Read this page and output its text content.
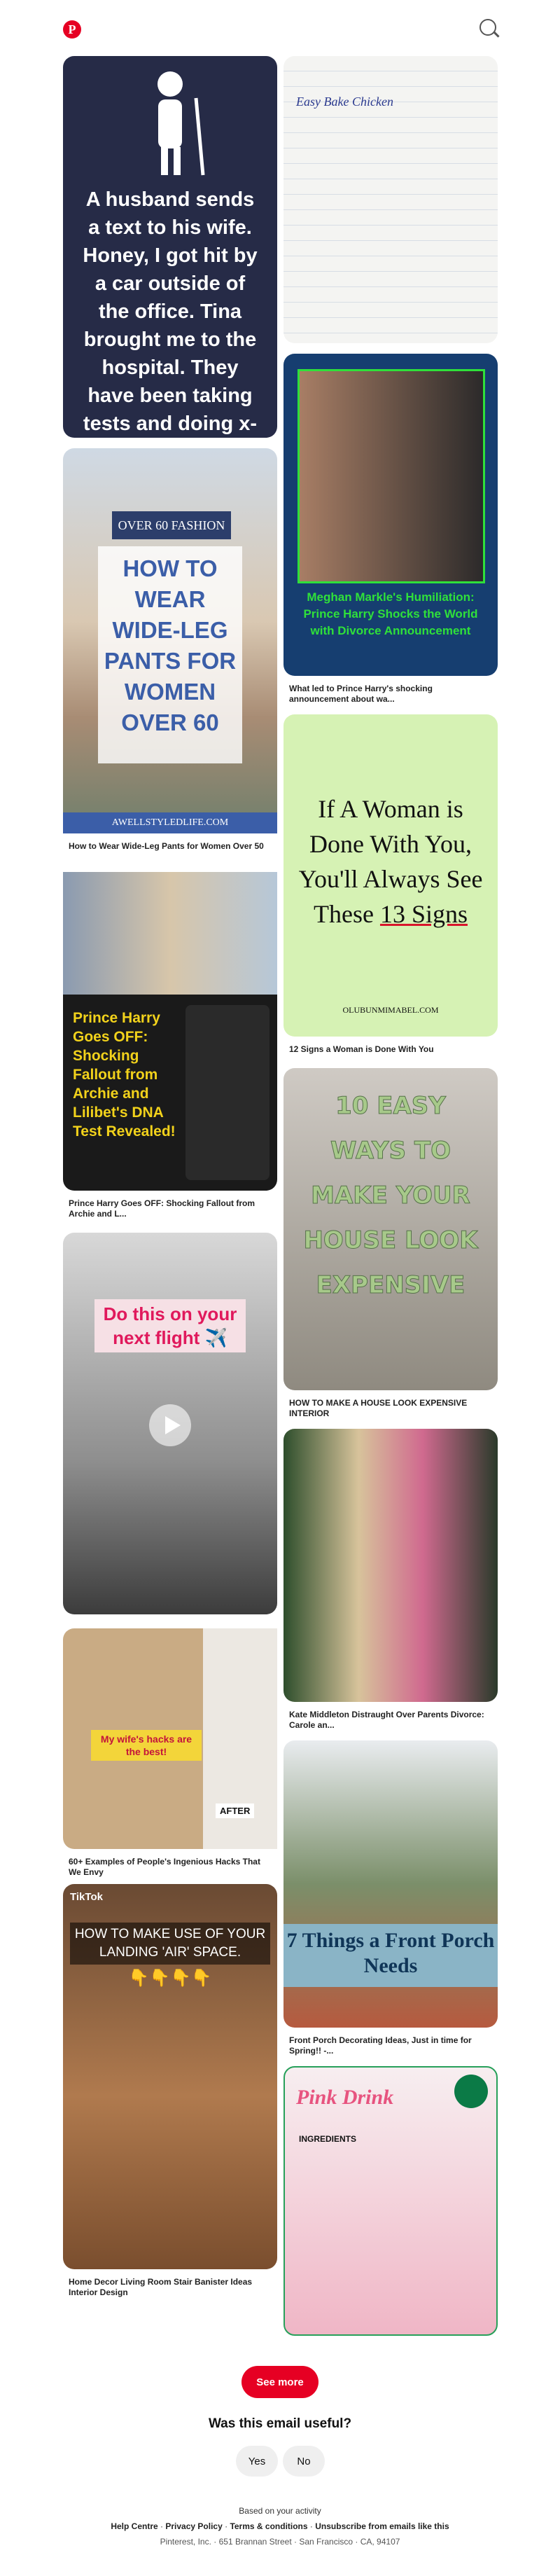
P
A husband sends a text to his wife. Honey, I got hit by a car outside of the office. Tina brought me to the hospital. They have been taking tests and doing x-
OVER 60 FASHION
HOW TO WEAR WIDE-LEG PANTS FOR WOMEN OVER 60
AWELLSTYLEDLIFE.COM
How to Wear Wide-Leg Pants for Women Over 50
Prince Harry Goes OFF: Shocking Fallout from Archie and Lilibet's DNA Test Revealed!
Prince Harry Goes OFF: Shocking Fallout from Archie and L...
Do this on your next flight ✈️
My wife's hacks are the best!
AFTER
60+ Examples of People's Ingenious Hacks That We Envy
TikTok
HOW TO MAKE USE OF YOUR LANDING 'AIR' SPACE.
👇👇👇👇
Home Decor Living Room Stair Banister Ideas Interior Design
Easy Bake Chicken
Meghan Markle's Humiliation: Prince Harry Shocks the World with Divorce Announcement
What led to Prince Harry's shocking announcement about wa...
If A Woman is Done With You, You'll Always See These 13 Signs
OLUBUNMIMABEL.COM
12 Signs a Woman is Done With You
10 EASY WAYS TO MAKE YOUR HOUSE LOOK EXPENSIVE
HOW TO MAKE A HOUSE LOOK EXPENSIVE INTERIOR
Kate Middleton Distraught Over Parents Divorce: Carole an...
7 Things a Front Porch Needs
Front Porch Decorating Ideas, Just in time for Spring!! -...
Pink Drink
INGREDIENTS
See more
Was this email useful?
Yes	No
Based on your activity
Help Centre · Privacy Policy · Terms & conditions · Unsubscribe from emails like this
Pinterest, Inc. · 651 Brannan Street · San Francisco · CA, 94107
